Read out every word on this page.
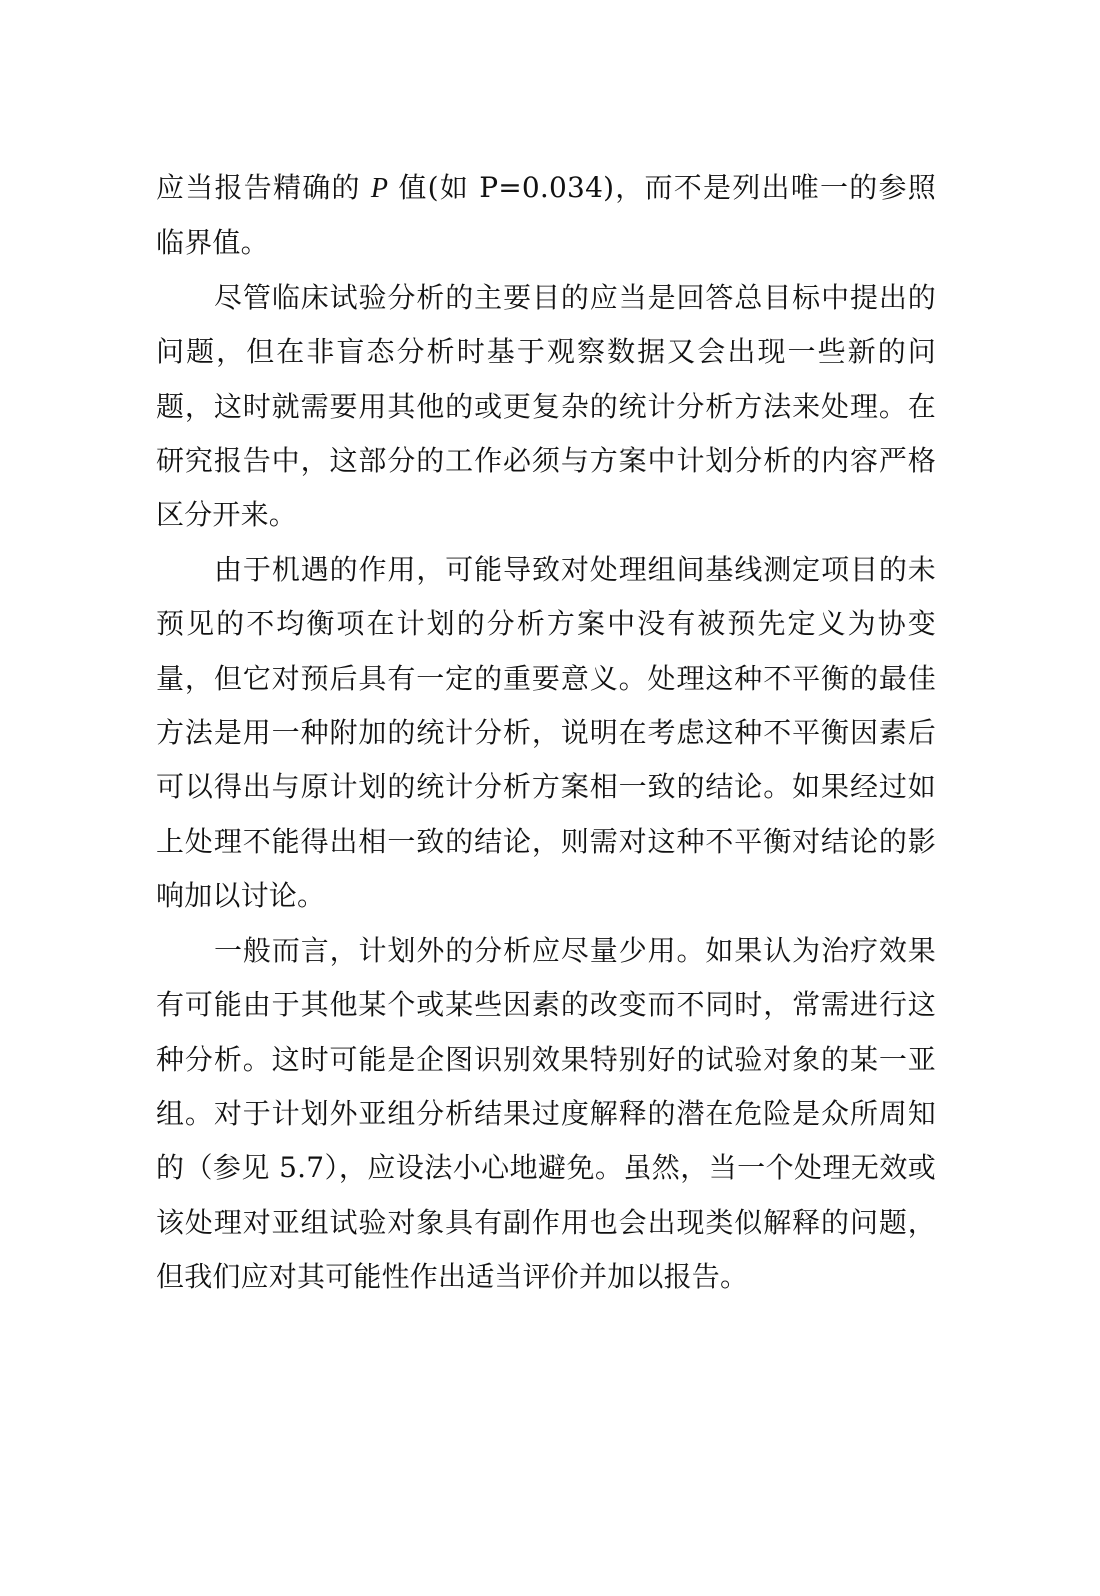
应当报告精确的 P 值(如 P=0.034)，而不是列出唯一的参照临界值。

尽管临床试验分析的主要目的应当是回答总目标中提出的问题，但在非盲态分析时基于观察数据又会出现一些新的问题，这时就需要用其他的或更复杂的统计分析方法来处理。在研究报告中，这部分的工作必须与方案中计划分析的内容严格区分开来。

由于机遇的作用，可能导致对处理组间基线测定项目的未预见的不均衡项在计划的分析方案中没有被预先定义为协变量，但它对预后具有一定的重要意义。处理这种不平衡的最佳方法是用一种附加的统计分析，说明在考虑这种不平衡因素后可以得出与原计划的统计分析方案相一致的结论。如果经过如上处理不能得出相一致的结论，则需对这种不平衡对结论的影响加以讨论。

一般而言，计划外的分析应尽量少用。如果认为治疗效果有可能由于其他某个或某些因素的改变而不同时，常需进行这种分析。这时可能是企图识别效果特别好的试验对象的某一亚组。对于计划外亚组分析结果过度解释的潜在危险是众所周知的（参见 5.7），应设法小心地避免。虽然，当一个处理无效或该处理对亚组试验对象具有副作用也会出现类似解释的问题，但我们应对其可能性作出适当评价并加以报告。
